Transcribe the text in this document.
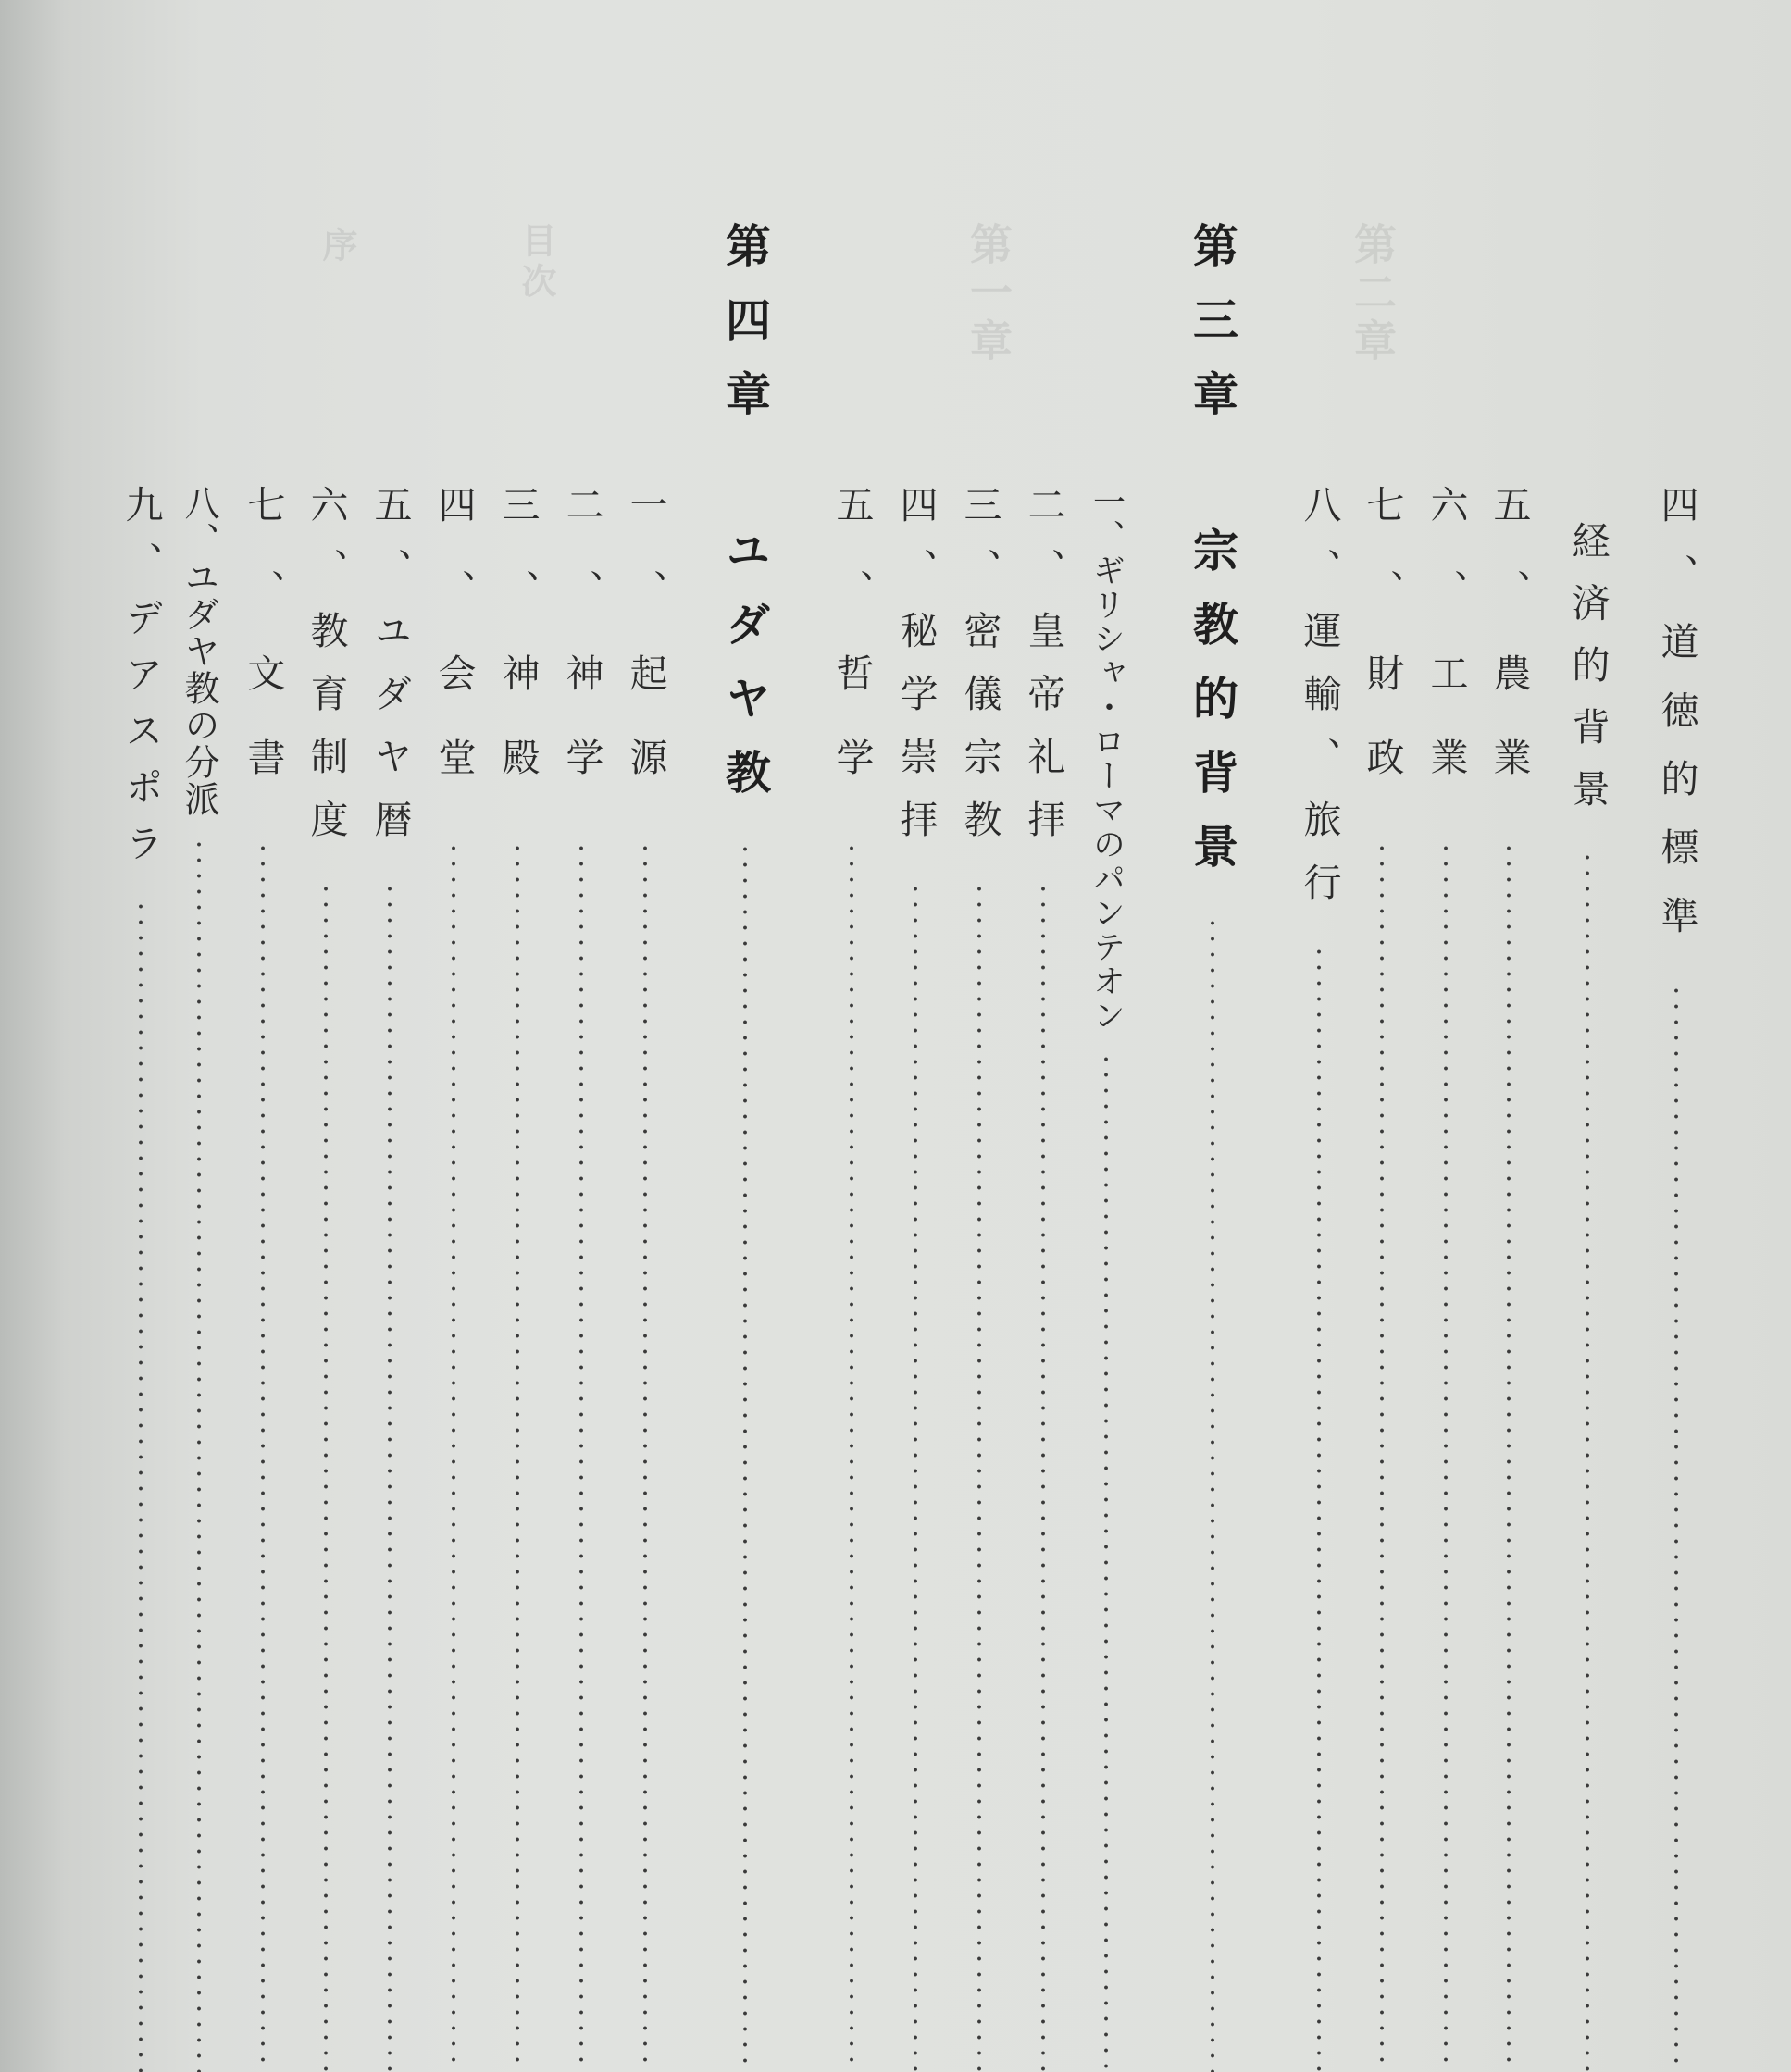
第二章
第一章
目次
序
四、道徳的標準
経済的背景
五、農業
六、工業
七、財政
八、運輸、旅行
第三章 宗教的背景
一、ギリシャ・ローマのパンテオン
二、皇帝礼拝
三、密儀宗教
四、秘学崇拝
五、哲学
第四章 ユダヤ教
一、起源
二、神学
三、神殿
四、会堂
五、ユダヤ暦
六、教育制度
七、文書
八、ユダヤ教の分派
九、デアスポラ
